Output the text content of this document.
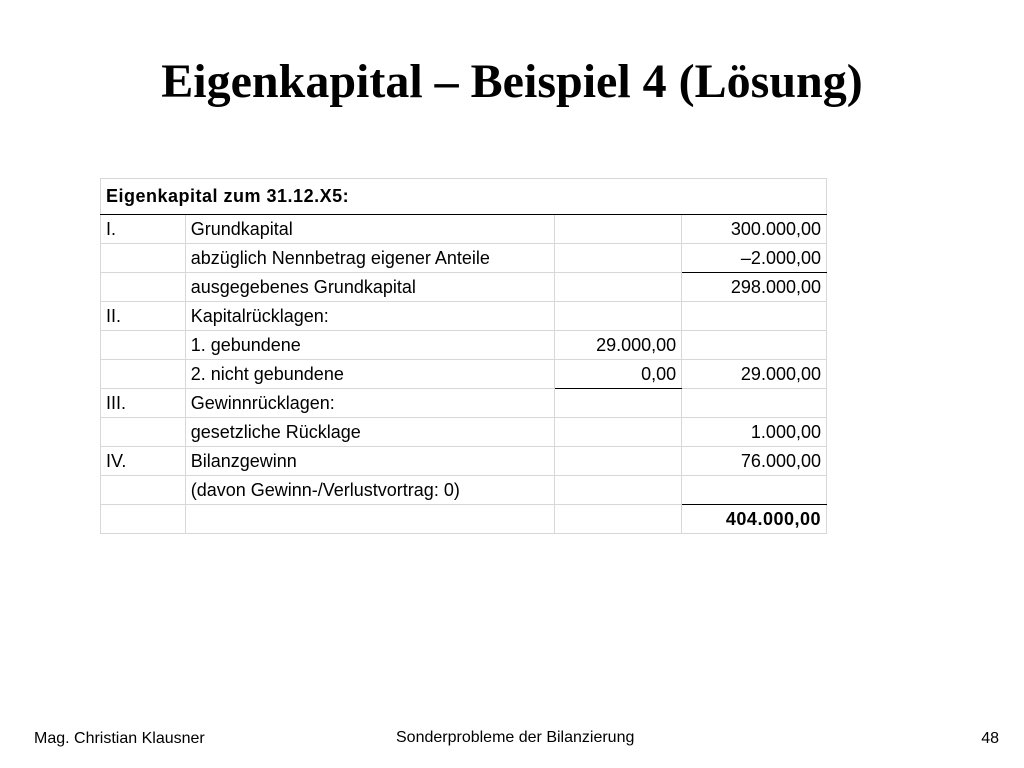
Eigenkapital – Beispiel 4 (Lösung)
Eigenkapital zum 31.12.X5:			
I.	Grundkapital		300.000,00
	abzüglich Nennbetrag eigener Anteile		–2.000,00
	ausgegebenes Grundkapital		298.000,00
II.	Kapitalrücklagen:		
	1. gebundene	29.000,00	
	2. nicht gebundene	0,00	29.000,00
III.	Gewinnrücklagen:		
	gesetzliche Rücklage		1.000,00
IV.	Bilanzgewinn		76.000,00
	(davon Gewinn-/Verlustvortrag: 0)		
			404.000,00
Mag. Christian Klausner	Sonderprobleme der Bilanzierung	48
